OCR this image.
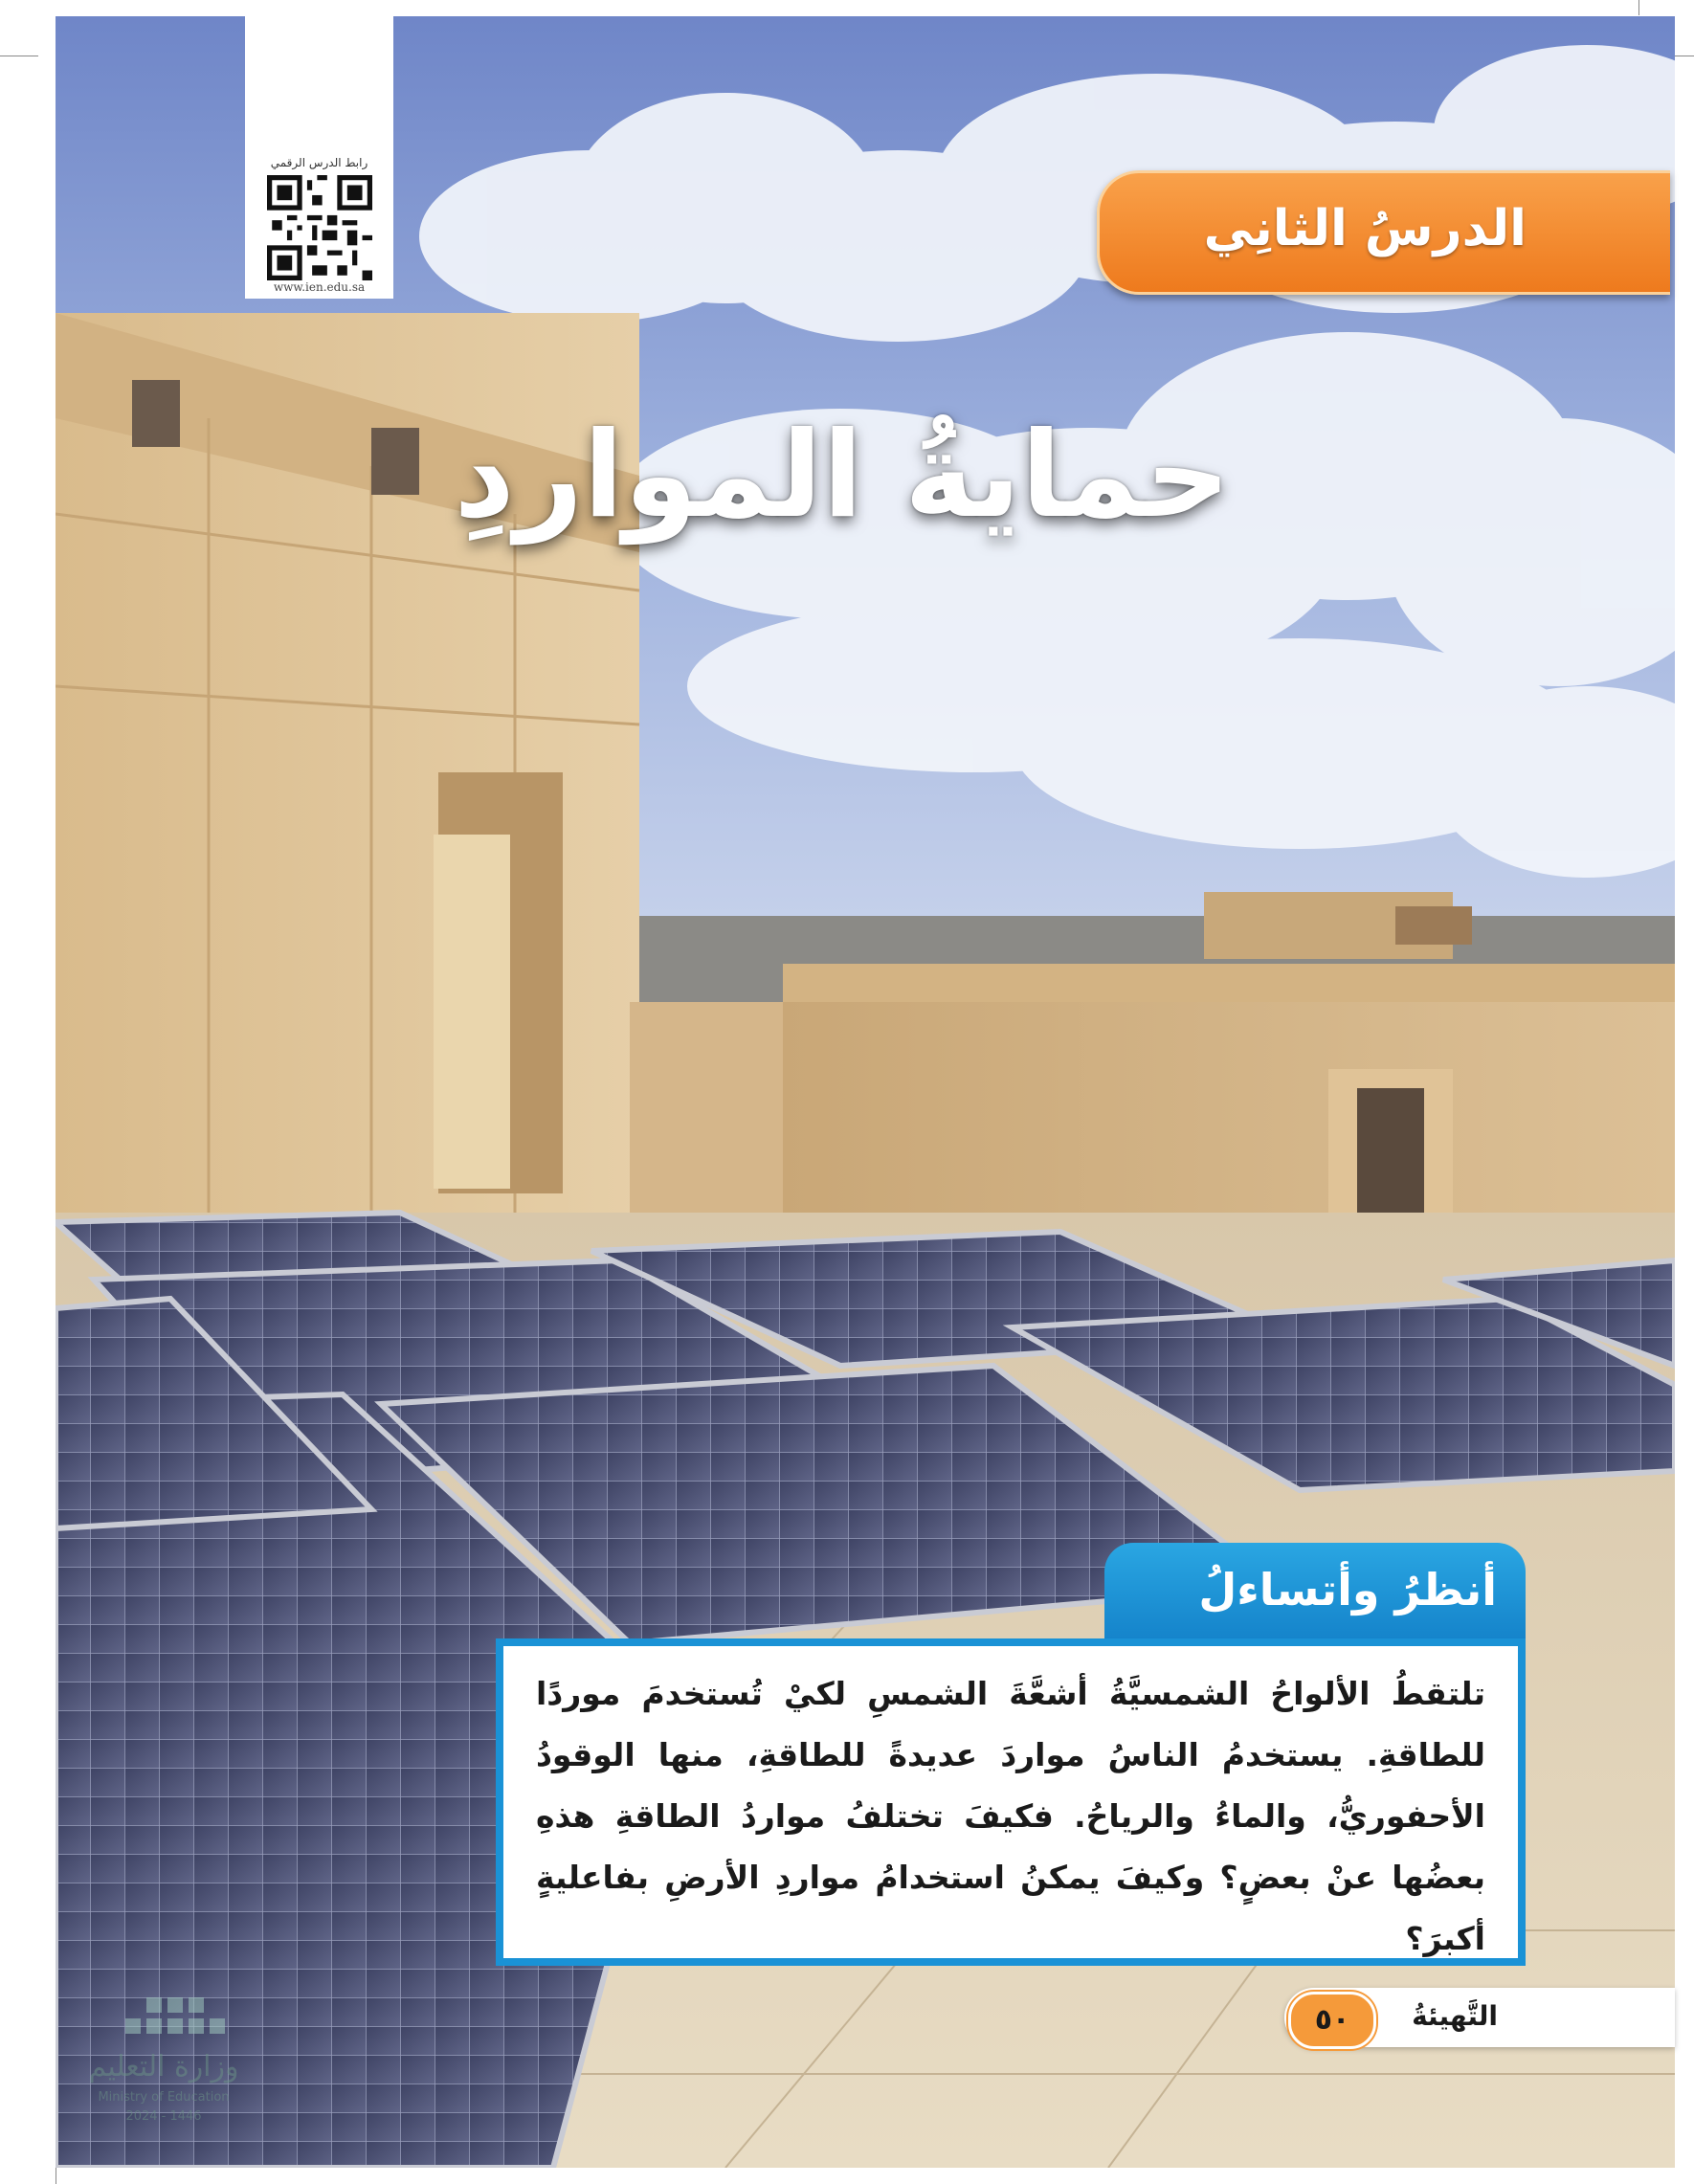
رابط الدرس الرقمي
www.ien.edu.sa
الدرسُ الثانِي
حمايةُ المواردِ
أنظرُ وأتساءلُ
تلتقطُ الألواحُ الشمسيَّةُ أشعَّةَ الشمسِ لكيْ تُستخدمَ موردًا للطاقةِ. يستخدمُ الناسُ مواردَ عديدةً للطاقةِ، منها الوقودُ الأحفوريُّ، والماءُ والرياحُ. فكيفَ تختلفُ مواردُ الطاقةِ هذهِ بعضُها عنْ بعضٍ؟ وكيفَ يمكنُ استخدامُ مواردِ الأرضِ بفاعليةٍ أكبرَ؟
٥٠	التَّهيئةُ
وزارة التعليم
Ministry of Education
2024 - 1446
